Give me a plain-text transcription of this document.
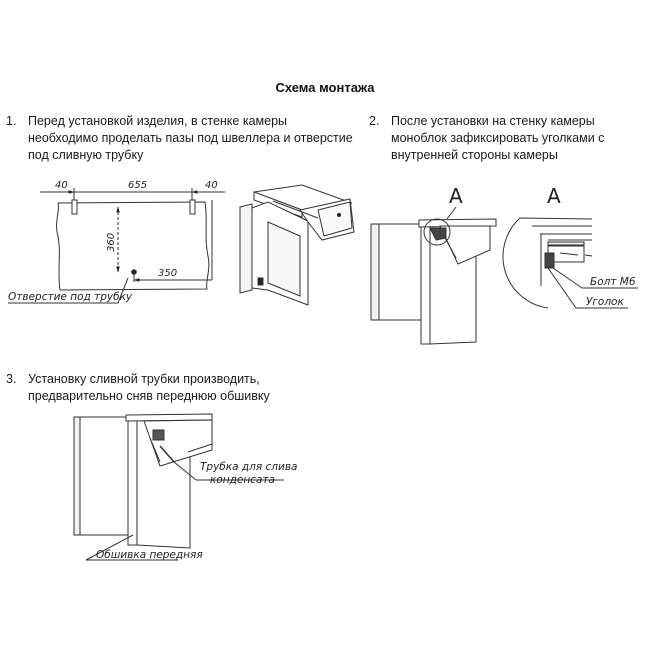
Схема монтажа
1. Перед установкой изделия, в стенке камеры
необходимо проделать пазы под швеллера и отверстие
под сливную трубку
2. После установки на стенку камеры
моноблок зафиксировать уголками с
внутренней стороны камеры
3. Установку сливной трубки производить,
предварительно сняв переднюю обшивку
40	655	40
360
350
Отверстие под трубку
A	A
Болт М6
Уголок
Трубка для слива
конденсата
Обшивка передняя
